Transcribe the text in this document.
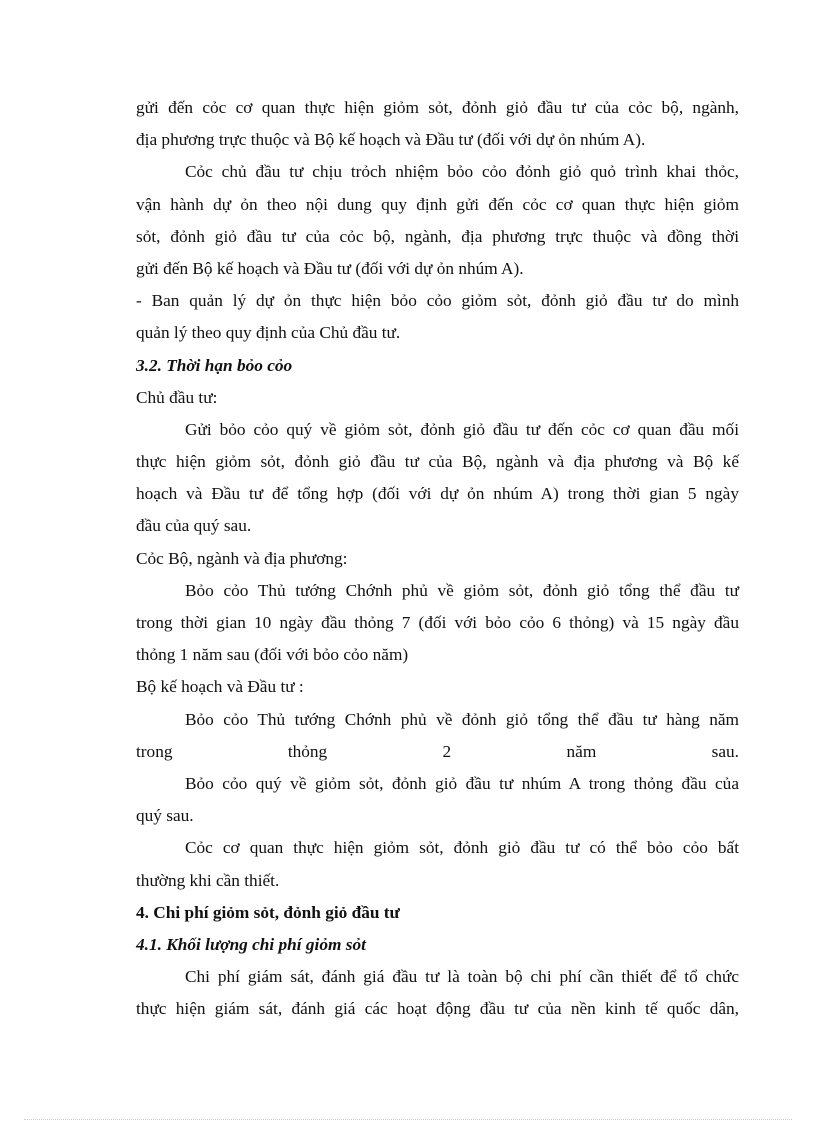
gửi đến cỏc cơ quan thực hiện giỏm sỏt, đỏnh giỏ đầu tư của cỏc bộ, ngành,
địa phương trực thuộc và Bộ kế hoạch và Đầu tư (đối với dự ỏn nhúm A).
Cỏc chủ đầu tư chịu trỏch nhiệm bỏo cỏo đỏnh giỏ quỏ trình khai thỏc,
vận hành dự ỏn theo nội dung quy định gửi đến cỏc cơ quan thực hiện giỏm
sỏt, đỏnh giỏ đầu tư của cỏc bộ, ngành, địa phương trực thuộc và đồng thời
gửi đến Bộ kế hoạch và Đầu tư (đối với dự ỏn nhúm A).
- Ban quản lý dự ỏn thực hiện bỏo cỏo giỏm sỏt, đỏnh giỏ đầu tư do mình
quản lý theo quy định của Chủ đầu tư.
3.2. Thời hạn bỏo cỏo
Chủ đầu tư:
Gửi bỏo cỏo quý về giỏm sỏt, đỏnh giỏ đầu tư đến cỏc cơ quan đầu mối
thực hiện giỏm sỏt, đỏnh giỏ đầu tư của Bộ, ngành và địa phương và Bộ kế
hoạch và Đầu tư để tổng hợp (đối với dự ỏn nhúm A) trong thời gian 5 ngày
đầu của quý sau.
Cỏc Bộ, ngành và địa phương:
Bỏo cỏo Thủ tướng Chớnh phủ về giỏm sỏt, đỏnh giỏ tổng thể đầu tư
trong thời gian 10 ngày đầu thỏng 7 (đối với bỏo cỏo 6 thỏng) và 15 ngày đầu
thỏng 1 năm sau (đối với bỏo cỏo năm)
Bộ kế hoạch và Đầu tư :
Bỏo cỏo Thủ tướng Chớnh phủ về đỏnh giỏ tổng thể đầu tư hàng năm
trong thỏng 2 năm sau.
Bỏo cỏo quý về giỏm sỏt, đỏnh giỏ đầu tư nhúm A trong thỏng đầu của
quý sau.
Cỏc cơ quan thực hiện giỏm sỏt, đỏnh giỏ đầu tư có thể bỏo cỏo bất
thường khi cần thiết.
4. Chi phí giỏm sỏt, đỏnh giỏ đầu tư
4.1. Khối lượng chi phí giỏm sỏt
Chi phí giám sát, đánh giá đầu tư là toàn bộ chi phí cần thiết để tổ chức
thực hiện giám sát, đánh giá các hoạt động đầu tư của nền kinh tế quốc dân,
